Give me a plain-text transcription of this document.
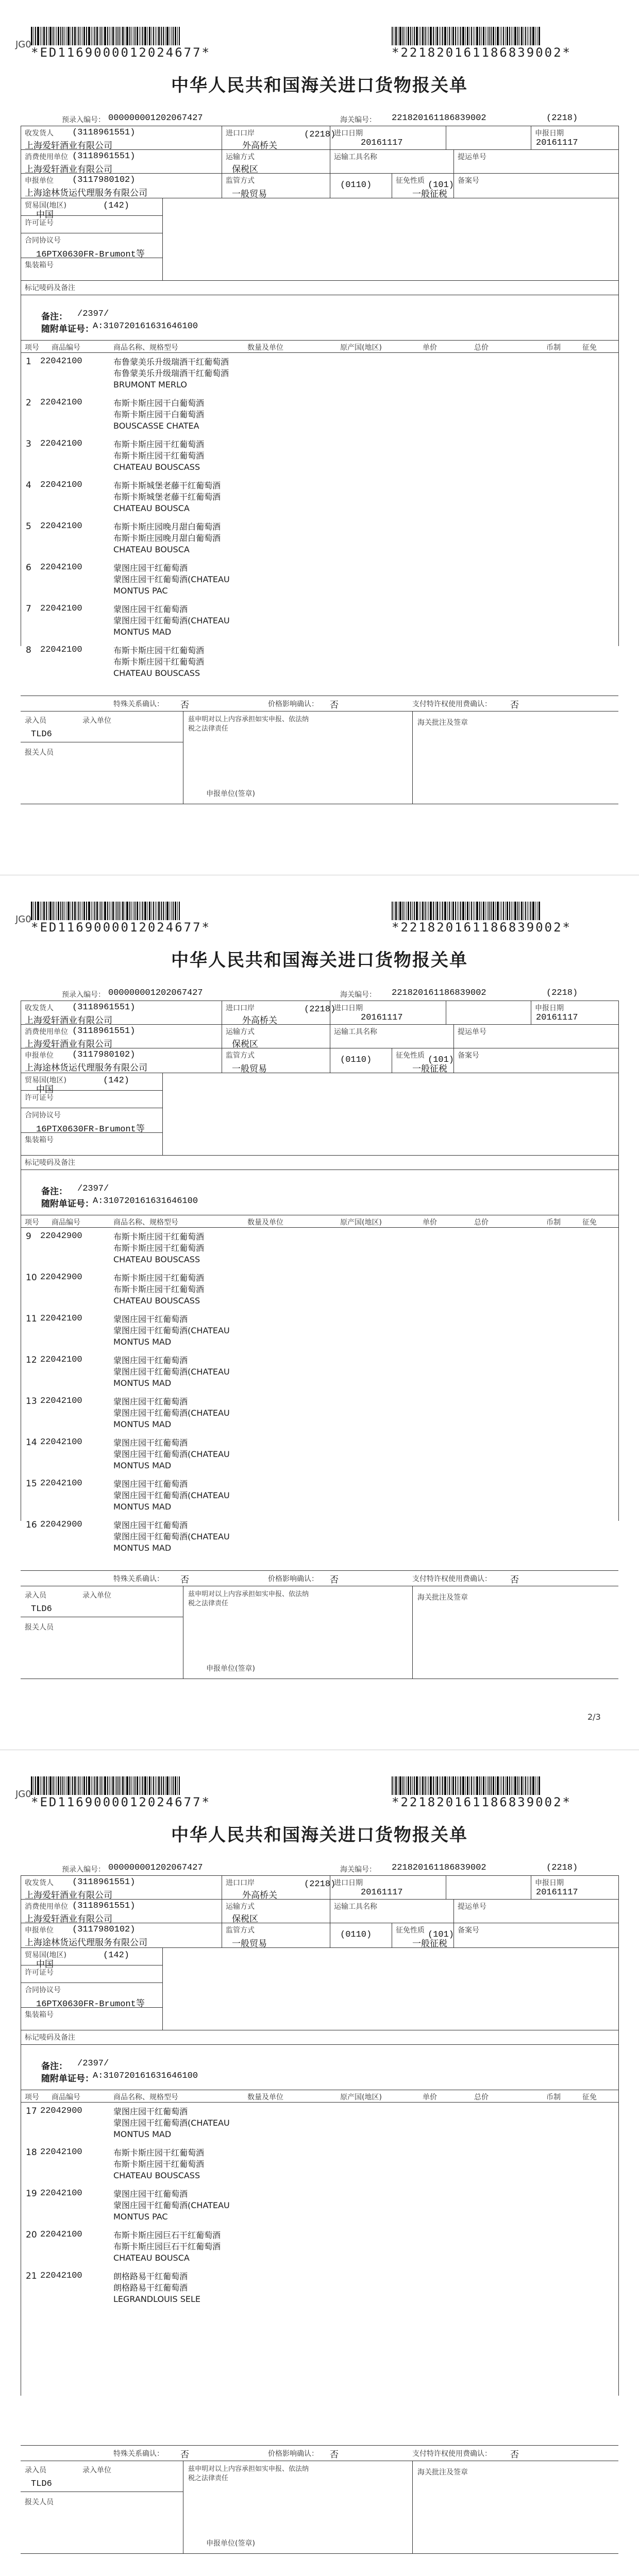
*ED1169000012024677*	*221820161186839002*
JG0
中华人民共和国海关进口货物报关单
预录入编号： 000000001202067427	海关编号： 221820161186839002	(2218)
收发货人 (3118961551)
上海爱轩酒业有限公司
进口口岸
外高桥关
(2218)
进口日期
20161117
申报日期
20161117
消费使用单位 (3118961551)
上海爱轩酒业有限公司
运输方式
保税区
运输工具名称	提运单号
申报单位 (3117980102)
上海途林货运代理服务有限公司
监管方式
一般贸易
(0110)	征免性质
一般征税
(101) 备案号
贸易国(地区)	(142)
中国
许可证号
合同协议号
16PTX0630FR-Brumont等
集装箱号
标记唛码及备注
备注： /2397/
随附单证号：
A:310720161631646100
项号 商品编号	商品名称、规格型号	数量及单位	原产国(地区)	单价	总价	币制	征免
1 22042100	布鲁蒙美乐升级瑞酒干红葡萄酒
布鲁蒙美乐升级瑞酒干红葡萄酒
BRUMONT MERLO
2 22042100	布斯卡斯庄园干白葡萄酒
布斯卡斯庄园干白葡萄酒
BOUSCASSE CHATEA
3 22042100	布斯卡斯庄园干红葡萄酒
布斯卡斯庄园干红葡萄酒
CHATEAU BOUSCASS
4 22042100	布斯卡斯城堡老藤干红葡萄酒
布斯卡斯城堡老藤干红葡萄酒
CHATEAU BOUSCA
5 22042100	布斯卡斯庄园晚月甜白葡萄酒
布斯卡斯庄园晚月甜白葡萄酒
CHATEAU BOUSCA
6 22042100	蒙图庄园干红葡萄酒
蒙图庄园干红葡萄酒(CHATEAU
MONTUS PAC
7 22042100	蒙图庄园干红葡萄酒
蒙图庄园干红葡萄酒(CHATEAU
MONTUS MAD
8 22042100	布斯卡斯庄园干红葡萄酒
布斯卡斯庄园干红葡萄酒
CHATEAU BOUSCASS
特殊关系确认： 否	价格影响确认： 否	支付特许权使用费确认： 否
录入员	录入单位
TLD6
兹申明对以上内容承担如实申报、依法纳税之法律责任
海关批注及签章
报关人员
申报单位(签章)
*ED1169000012024677*	*221820161186839002*
JG0
中华人民共和国海关进口货物报关单
预录入编号： 000000001202067427	海关编号： 221820161186839002	(2218)
收发货人 (3118961551)
上海爱轩酒业有限公司
进口口岸
外高桥关
(2218)
进口日期
20161117
申报日期
20161117
消费使用单位 (3118961551)
上海爱轩酒业有限公司
运输方式
保税区
运输工具名称	提运单号
申报单位 (3117980102)
上海途林货运代理服务有限公司
监管方式
一般贸易
(0110)	征免性质
一般征税
(101) 备案号
贸易国(地区)	(142)
中国
许可证号
合同协议号
16PTX0630FR-Brumont等
集装箱号
标记唛码及备注
备注： /2397/
随附单证号：
A:310720161631646100
项号 商品编号	商品名称、规格型号	数量及单位	原产国(地区)	单价	总价	币制	征免
9 22042900	布斯卡斯庄园干红葡萄酒
布斯卡斯庄园干红葡萄酒
CHATEAU BOUSCASS
10 22042900	布斯卡斯庄园干红葡萄酒
布斯卡斯庄园干红葡萄酒
CHATEAU BOUSCASS
11 22042100	蒙图庄园干红葡萄酒
蒙图庄园干红葡萄酒(CHATEAU
MONTUS MAD
12 22042100	蒙图庄园干红葡萄酒
蒙图庄园干红葡萄酒(CHATEAU
MONTUS MAD
13 22042100	蒙图庄园干红葡萄酒
蒙图庄园干红葡萄酒(CHATEAU
MONTUS MAD
14 22042100	蒙图庄园干红葡萄酒
蒙图庄园干红葡萄酒(CHATEAU
MONTUS MAD
15 22042100	蒙图庄园干红葡萄酒
蒙图庄园干红葡萄酒(CHATEAU
MONTUS MAD
16 22042900	蒙图庄园干红葡萄酒
蒙图庄园干红葡萄酒(CHATEAU
MONTUS MAD
特殊关系确认： 否	价格影响确认： 否	支付特许权使用费确认： 否
录入员	录入单位
TLD6
兹申明对以上内容承担如实申报、依法纳税之法律责任
海关批注及签章
报关人员
申报单位(签章)
2/3
*ED1169000012024677*	*221820161186839002*
JG0
中华人民共和国海关进口货物报关单
预录入编号： 000000001202067427	海关编号： 221820161186839002	(2218)
收发货人 (3118961551)
上海爱轩酒业有限公司
进口口岸
外高桥关
(2218)
进口日期
20161117
申报日期
20161117
消费使用单位 (3118961551)
上海爱轩酒业有限公司
运输方式
保税区
运输工具名称	提运单号
申报单位 (3117980102)
上海途林货运代理服务有限公司
监管方式
一般贸易
(0110)	征免性质
一般征税
(101) 备案号
贸易国(地区)	(142)
中国
许可证号
合同协议号
16PTX0630FR-Brumont等
集装箱号
标记唛码及备注
备注： /2397/
随附单证号：
A:310720161631646100
项号 商品编号	商品名称、规格型号	数量及单位	原产国(地区)	单价	总价	币制	征免
17 22042900	蒙图庄园干红葡萄酒
蒙图庄园干红葡萄酒(CHATEAU
MONTUS MAD
18 22042100	布斯卡斯庄园干红葡萄酒
布斯卡斯庄园干红葡萄酒
CHATEAU BOUSCASS
19 22042100	蒙图庄园干红葡萄酒
蒙图庄园干红葡萄酒(CHATEAU
MONTUS PAC
20 22042100	布斯卡斯庄园巨石干红葡萄酒
布斯卡斯庄园巨石干红葡萄酒
CHATEAU BOUSCA
21 22042100	朗格路易干红葡萄酒
朗格路易干红葡萄酒
LEGRANDLOUIS SELE
特殊关系确认： 否	价格影响确认： 否	支付特许权使用费确认： 否
录入员	录入单位
TLD6
兹申明对以上内容承担如实申报、依法纳税之法律责任
海关批注及签章
报关人员
申报单位(签章)
